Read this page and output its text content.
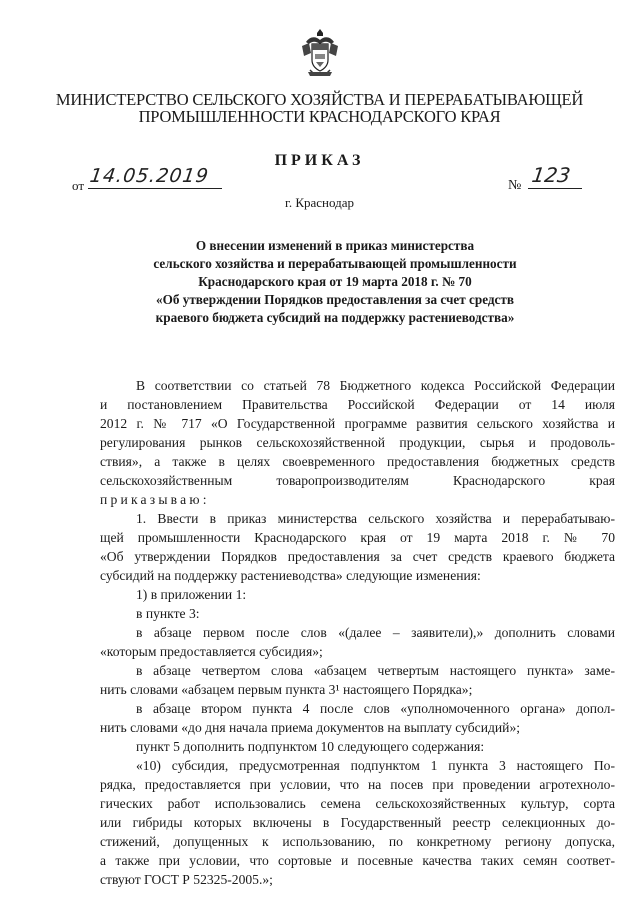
МИНИСТЕРСТВО СЕЛЬСКОГО ХОЗЯЙСТВА И ПЕРЕРАБАТЫВАЮЩЕЙ
ПРОМЫШЛЕННОСТИ КРАСНОДАРСКОГО КРАЯ
ПРИКАЗ
от 14.05.2019	№ 123
г. Краснодар
О внесении изменений в приказ министерства
сельского хозяйства и перерабатывающей промышленности
Краснодарского края от 19 марта 2018 г. № 70
«Об утверждении Порядков предоставления за счет средств
краевого бюджета субсидий на поддержку растениеводства»
В соответствии со статьей 78 Бюджетного кодекса Российской Федерации
и постановлением Правительства Российской Федерации от 14 июля
2012 г. № 717 «О Государственной программе развития сельского хозяйства и
регулирования рынков сельскохозяйственной продукции, сырья и продоволь-
ствия», а также в целях своевременного предоставления бюджетных средств
сельскохозяйственным товаропроизводителям Краснодарского края
приказываю:
1. Ввести в приказ министерства сельского хозяйства и перерабатываю-
щей промышленности Краснодарского края от 19 марта 2018 г. № 70
«Об утверждении Порядков предоставления за счет средств краевого бюджета
субсидий на поддержку растениеводства» следующие изменения:
1) в приложении 1:
в пункте 3:
в абзаце первом после слов «(далее – заявители),» дополнить словами
«которым предоставляется субсидия»;
в абзаце четвертом слова «абзацем четвертым настоящего пункта» заме-
нить словами «абзацем первым пункта 3¹ настоящего Порядка»;
в абзаце втором пункта 4 после слов «уполномоченного органа» допол-
нить словами «до дня начала приема документов на выплату субсидий»;
пункт 5 дополнить подпунктом 10 следующего содержания:
«10) субсидия, предусмотренная подпунктом 1 пункта 3 настоящего По-
рядка, предоставляется при условии, что на посев при проведении агротехноло-
гических работ использовались семена сельскохозяйственных культур, сорта
или гибриды которых включены в Государственный реестр селекционных до-
стижений, допущенных к использованию, по конкретному региону допуска,
а также при условии, что сортовые и посевные качества таких семян соответ-
ствуют ГОСТ Р 52325-2005.»;
